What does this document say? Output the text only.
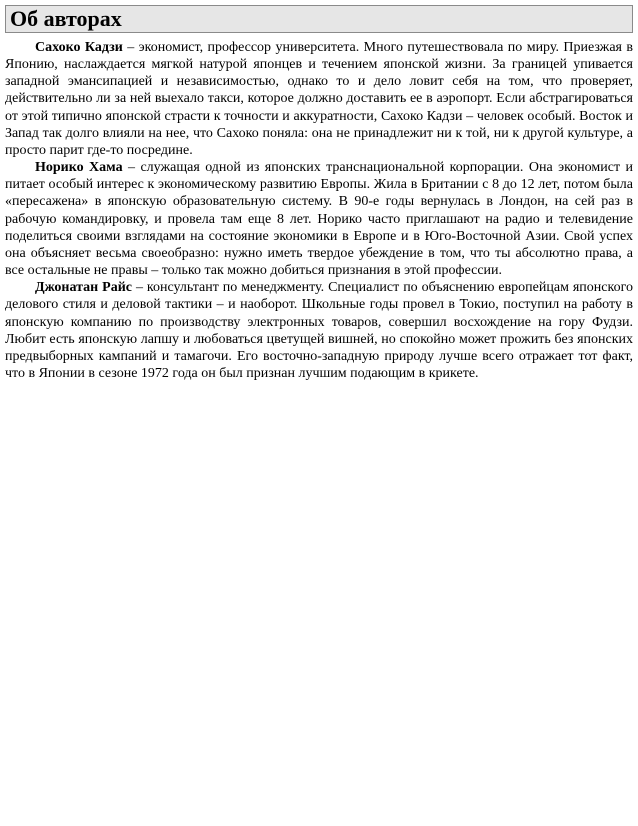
Об авторах

Сахоко Кадзи – экономист, профессор университета. Много путешествовала по миру. Приезжая в Японию, наслаждается мягкой натурой японцев и течением японской жизни. За границей упивается западной эмансипацией и независимостью, однако то и дело ловит себя на том, что проверяет, действительно ли за ней выехало такси, которое должно доставить ее в аэропорт. Если абстрагироваться от этой типично японской страсти к точности и аккуратности, Сахоко Кадзи – человек особый. Восток и Запад так долго влияли на нее, что Сахоко поняла: она не принадлежит ни к той, ни к другой культуре, а просто парит где-то посредине.

Норико Хама – служащая одной из японских транснациональной корпорации. Она экономист и питает особый интерес к экономическому развитию Европы. Жила в Британии с 8 до 12 лет, потом была «пересажена» в японскую образовательную систему. В 90-е годы вернулась в Лондон, на сей раз в рабочую командировку, и провела там еще 8 лет. Норико часто приглашают на радио и телевидение поделиться своими взглядами на состояние экономики в Европе и в Юго-Восточной Азии. Свой успех она объясняет весьма своеобразно: нужно иметь твердое убеждение в том, что ты абсолютно права, а все остальные не правы – только так можно добиться признания в этой профессии.

Джонатан Райс – консультант по менеджменту. Специалист по объяснению европейцам японского делового стиля и деловой тактики – и наоборот. Школьные годы провел в Токио, поступил на работу в японскую компанию по производству электронных товаров, совершил восхождение на гору Фудзи. Любит есть японскую лапшу и любоваться цветущей вишней, но спокойно может прожить без японских предвыборных кампаний и тамагочи. Его восточно-западную природу лучше всего отражает тот факт, что в Японии в сезоне 1972 года он был признан лучшим подающим в крикете.
